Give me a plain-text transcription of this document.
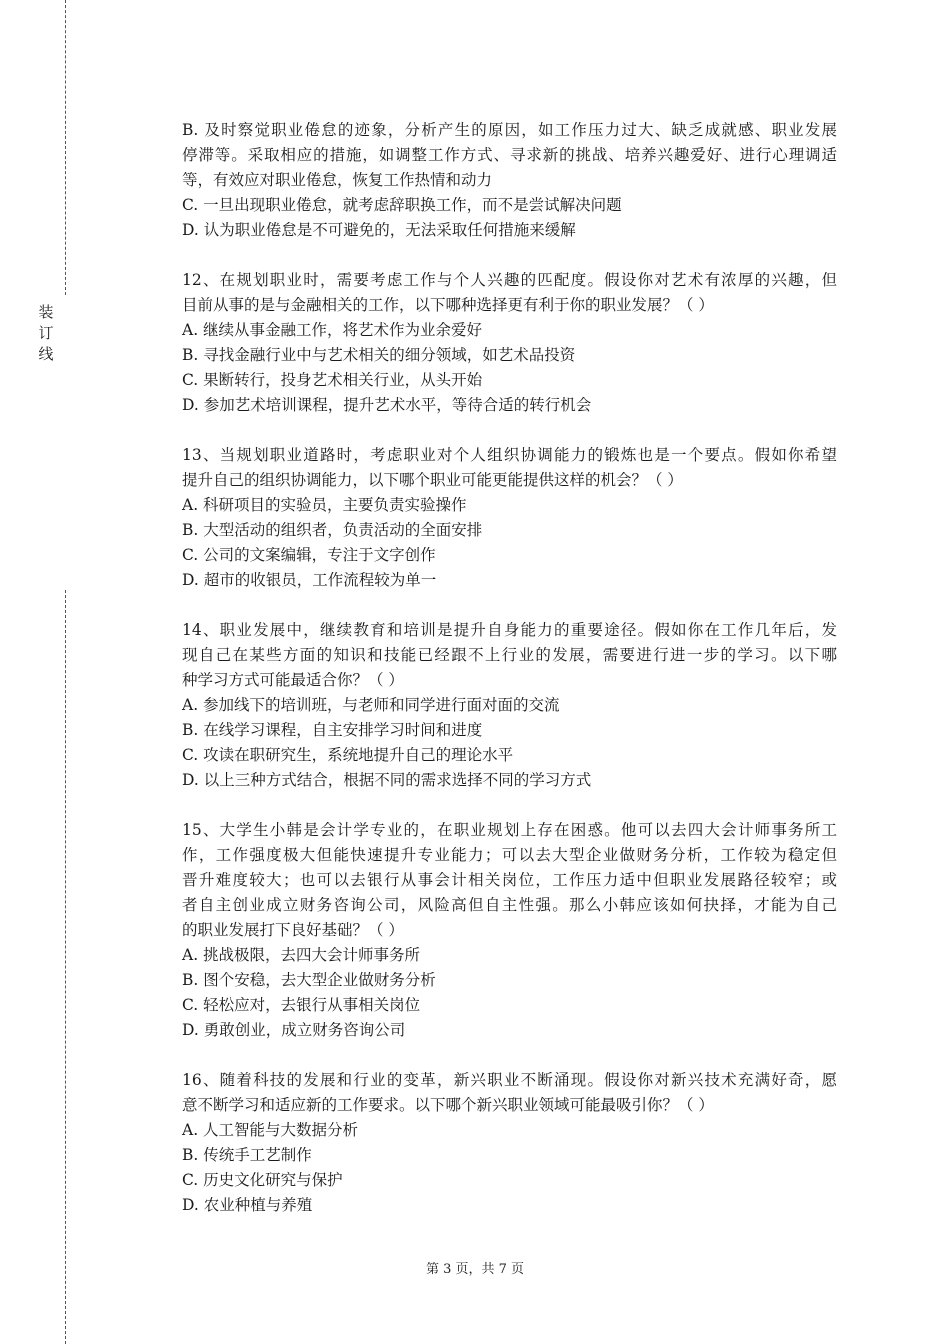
装
订
线
B. 及时察觉职业倦怠的迹象，分析产生的原因，如工作压力过大、缺乏成就感、职业发展
停滞等。采取相应的措施，如调整工作方式、寻求新的挑战、培养兴趣爱好、进行心理调适
等，有效应对职业倦怠，恢复工作热情和动力
C. 一旦出现职业倦怠，就考虑辞职换工作，而不是尝试解决问题
D. 认为职业倦怠是不可避免的，无法采取任何措施来缓解
12、在规划职业时，需要考虑工作与个人兴趣的匹配度。假设你对艺术有浓厚的兴趣，但
目前从事的是与金融相关的工作，以下哪种选择更有利于你的职业发展？（ ）
A. 继续从事金融工作，将艺术作为业余爱好
B. 寻找金融行业中与艺术相关的细分领域，如艺术品投资
C. 果断转行，投身艺术相关行业，从头开始
D. 参加艺术培训课程，提升艺术水平，等待合适的转行机会
13、当规划职业道路时，考虑职业对个人组织协调能力的锻炼也是一个要点。假如你希望
提升自己的组织协调能力，以下哪个职业可能更能提供这样的机会？（ ）
A. 科研项目的实验员，主要负责实验操作
B. 大型活动的组织者，负责活动的全面安排
C. 公司的文案编辑，专注于文字创作
D. 超市的收银员，工作流程较为单一
14、职业发展中，继续教育和培训是提升自身能力的重要途径。假如你在工作几年后，发
现自己在某些方面的知识和技能已经跟不上行业的发展，需要进行进一步的学习。以下哪
种学习方式可能最适合你？（ ）
A. 参加线下的培训班，与老师和同学进行面对面的交流
B. 在线学习课程，自主安排学习时间和进度
C. 攻读在职研究生，系统地提升自己的理论水平
D. 以上三种方式结合，根据不同的需求选择不同的学习方式
15、大学生小韩是会计学专业的，在职业规划上存在困惑。他可以去四大会计师事务所工
作，工作强度极大但能快速提升专业能力；可以去大型企业做财务分析，工作较为稳定但
晋升难度较大；也可以去银行从事会计相关岗位，工作压力适中但职业发展路径较窄；或
者自主创业成立财务咨询公司，风险高但自主性强。那么小韩应该如何抉择，才能为自己
的职业发展打下良好基础？（ ）
A. 挑战极限，去四大会计师事务所
B. 图个安稳，去大型企业做财务分析
C. 轻松应对，去银行从事相关岗位
D. 勇敢创业，成立财务咨询公司
16、随着科技的发展和行业的变革，新兴职业不断涌现。假设你对新兴技术充满好奇，愿
意不断学习和适应新的工作要求。以下哪个新兴职业领域可能最吸引你？（ ）
A. 人工智能与大数据分析
B. 传统手工艺制作
C. 历史文化研究与保护
D. 农业种植与养殖
第 3 页，共 7 页
